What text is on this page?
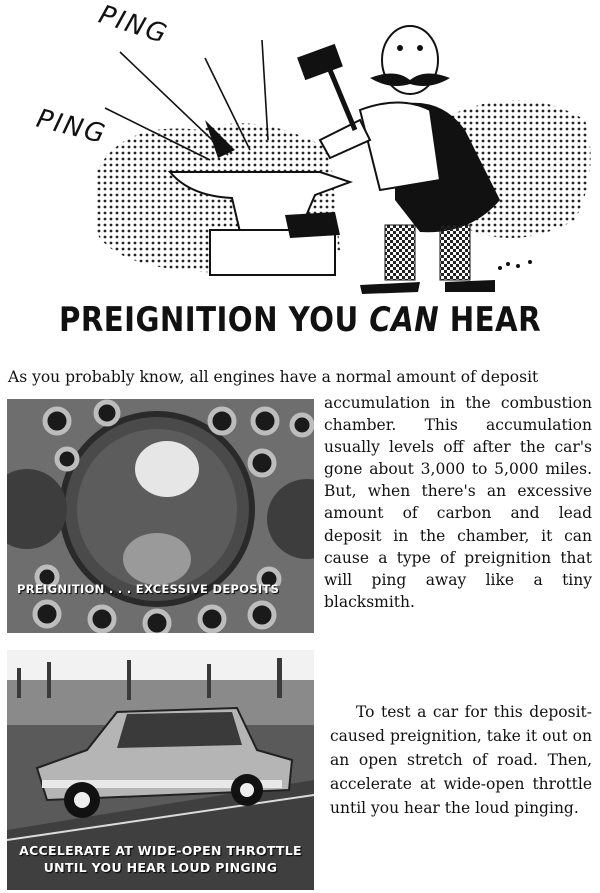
PING
PING
PREIGNITION YOU CAN HEAR
As you probably know, all engines have a normal amount of deposit
PREIGNITION . . . EXCESSIVE DEPOSITS

accumulation in the combustion chamber. This accumulation usually levels off after the car's gone about 3,000 to 5,000 miles. But, when there's an excessive amount of carbon and lead deposit in the chamber, it can cause a type of preignition that will ping away like a tiny blacksmith.

ACCELERATE AT WIDE-OPEN THROTTLE
UNTIL YOU HEAR LOUD PINGING

To test a car for this deposit-caused preignition, take it out on an open stretch of road. Then, accelerate at wide-open throttle until you hear the loud pinging.
